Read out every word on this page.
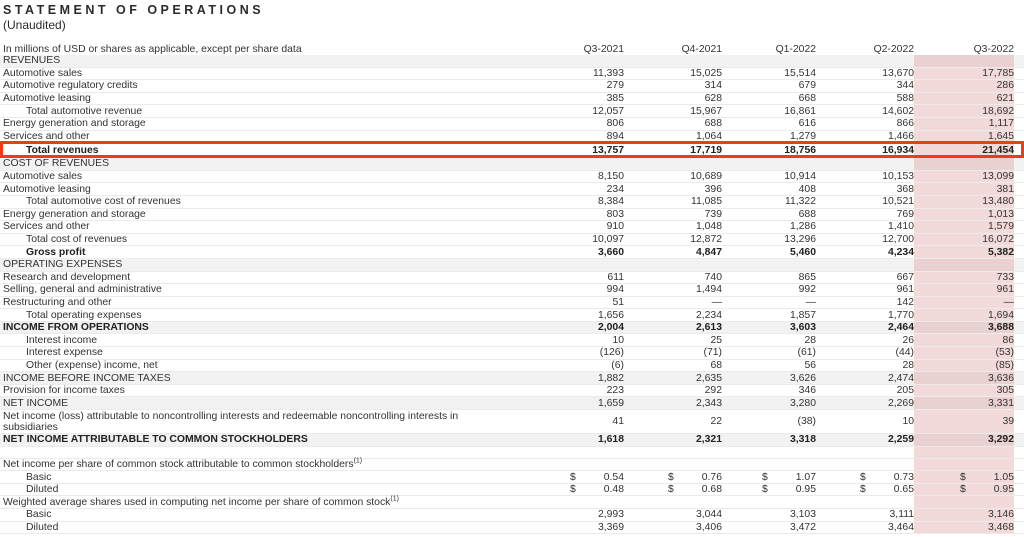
STATEMENT OF OPERATIONS
(Unaudited)
In millions of USD or shares as applicable, except per share data	Q3-2021	Q4-2021	Q1-2022	Q2-2022	Q3-2022
REVENUES
Automotive sales	11,393	15,025	15,514	13,670	17,785
Automotive regulatory credits	279	314	679	344	286
Automotive leasing	385	628	668	588	621
Total automotive revenue	12,057	15,967	16,861	14,602	18,692
Energy generation and storage	806	688	616	866	1,117
Services and other	894	1,064	1,279	1,466	1,645
Total revenues	13,757	17,719	18,756	16,934	21,454
COST OF REVENUES
Automotive sales	8,150	10,689	10,914	10,153	13,099
Automotive leasing	234	396	408	368	381
Total automotive cost of revenues	8,384	11,085	11,322	10,521	13,480
Energy generation and storage	803	739	688	769	1,013
Services and other	910	1,048	1,286	1,410	1,579
Total cost of revenues	10,097	12,872	13,296	12,700	16,072
Gross profit	3,660	4,847	5,460	4,234	5,382
OPERATING EXPENSES
Research and development	611	740	865	667	733
Selling, general and administrative	994	1,494	992	961	961
Restructuring and other	51	—	—	142	—
Total operating expenses	1,656	2,234	1,857	1,770	1,694
INCOME FROM OPERATIONS	2,004	2,613	3,603	2,464	3,688
Interest income	10	25	28	26	86
Interest expense	(126)	(71)	(61)	(44)	(53)
Other (expense) income, net	(6)	68	56	28	(85)
INCOME BEFORE INCOME TAXES	1,882	2,635	3,626	2,474	3,636
Provision for income taxes	223	292	346	205	305
NET INCOME	1,659	2,343	3,280	2,269	3,331
Net income (loss) attributable to noncontrolling interests and redeemable noncontrolling interests in subsidiaries	41	22	(38)	10	39
NET INCOME ATTRIBUTABLE TO COMMON STOCKHOLDERS	1,618	2,321	3,318	2,259	3,292
Net income per share of common stock attributable to common stockholders$^{(1)}$
Basic	$	0.54	$	0.76	$	1.07	$	0.73	$	1.05
Diluted	$	0.48	$	0.68	$	0.95	$	0.65	$	0.95
Weighted average shares used in computing net income per share of common stock$^{(1)}$
Basic	2,993	3,044	3,103	3,111	3,146
Diluted	3,369	3,406	3,472	3,464	3,468
